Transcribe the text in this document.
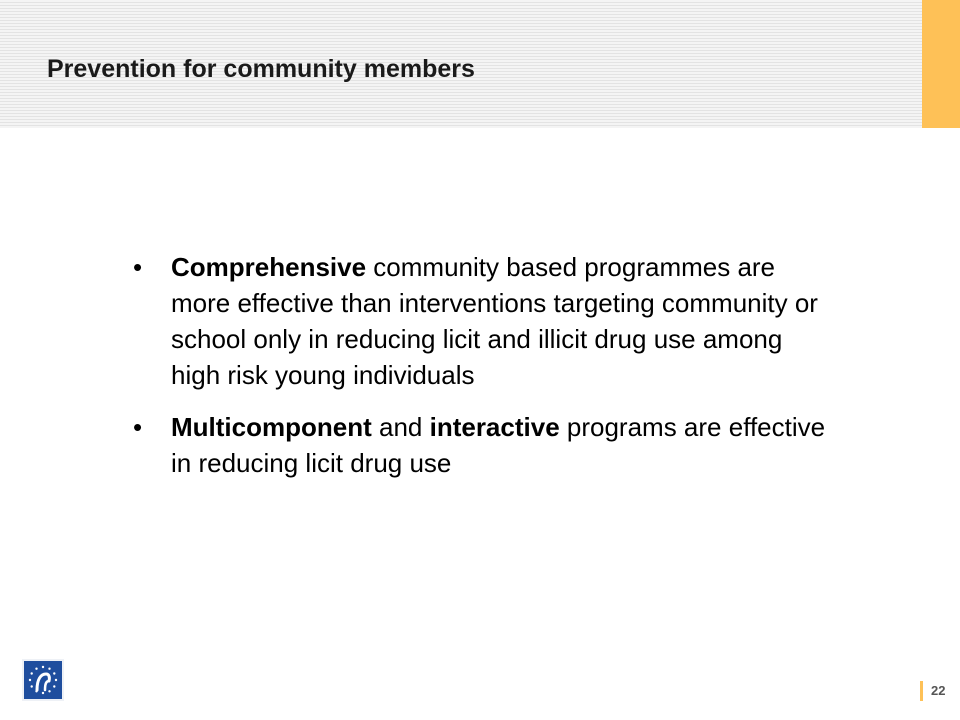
Prevention for community members
• Comprehensive community based programmes are more effective than interventions targeting community or school only in reducing licit and illicit drug use among high risk young individuals
• Multicomponent and interactive programs are effective in reducing licit drug use
22
